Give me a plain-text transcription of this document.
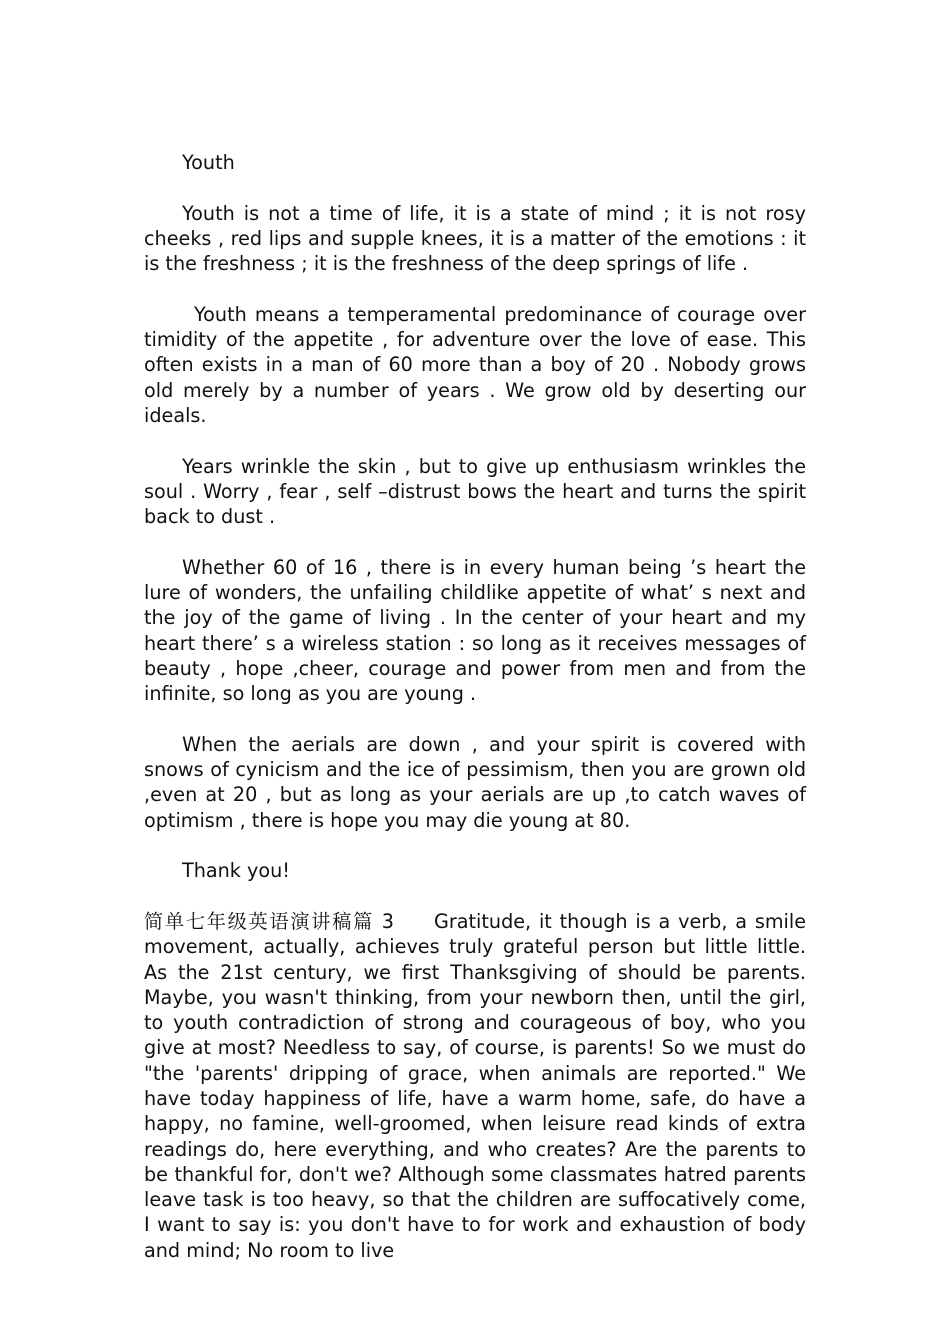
Youth

Youth is not a time of life, it is a state of mind ; it is not rosy cheeks , red lips and supple knees, it is a matter of the emotions : it is the freshness ; it is the freshness of the deep springs of life .

Youth means a temperamental predominance of courage over timidity of the appetite , for adventure over the love of ease. This often exists in a man of 60 more than a boy of 20 . Nobody grows old merely by a number of years . We grow old by deserting our ideals.

Years wrinkle the skin , but to give up enthusiasm wrinkles the soul . Worry , fear , self –distrust bows the heart and turns the spirit back to dust .

Whether 60 of 16 , there is in every human being ’s heart the lure of wonders, the unfailing childlike appetite of what’ s next and the joy of the game of living . In the center of your heart and my heart there’ s a wireless station : so long as it receives messages of beauty , hope ,cheer, courage and power from men and from the infinite, so long as you are young .

When the aerials are down , and your spirit is covered with snows of cynicism and the ice of pessimism, then you are grown old ,even at 20 , but as long as your aerials are up ,to catch waves of optimism , there is hope you may die young at 80.

Thank you!

简单七年级英语演讲稿篇 3 Gratitude, it though is a verb, a smile movement, actually, achieves truly grateful person but little little. As the 21st century, we first Thanksgiving of should be parents. Maybe, you wasn't thinking, from your newborn then, until the girl, to youth contradiction of strong and courageous of boy, who you give at most? Needless to say, of course, is parents! So we must do "the 'parents' dripping of grace, when animals are reported." We have today happiness of life, have a warm home, safe, do have a happy, no famine, well-groomed, when leisure read kinds of extra readings do, here everything, and who creates? Are the parents to be thankful for, don't we? Although some classmates hatred parents leave task is too heavy, so that the children are suffocatively come, I want to say is: you don't have to for work and exhaustion of body and mind; No room to live
